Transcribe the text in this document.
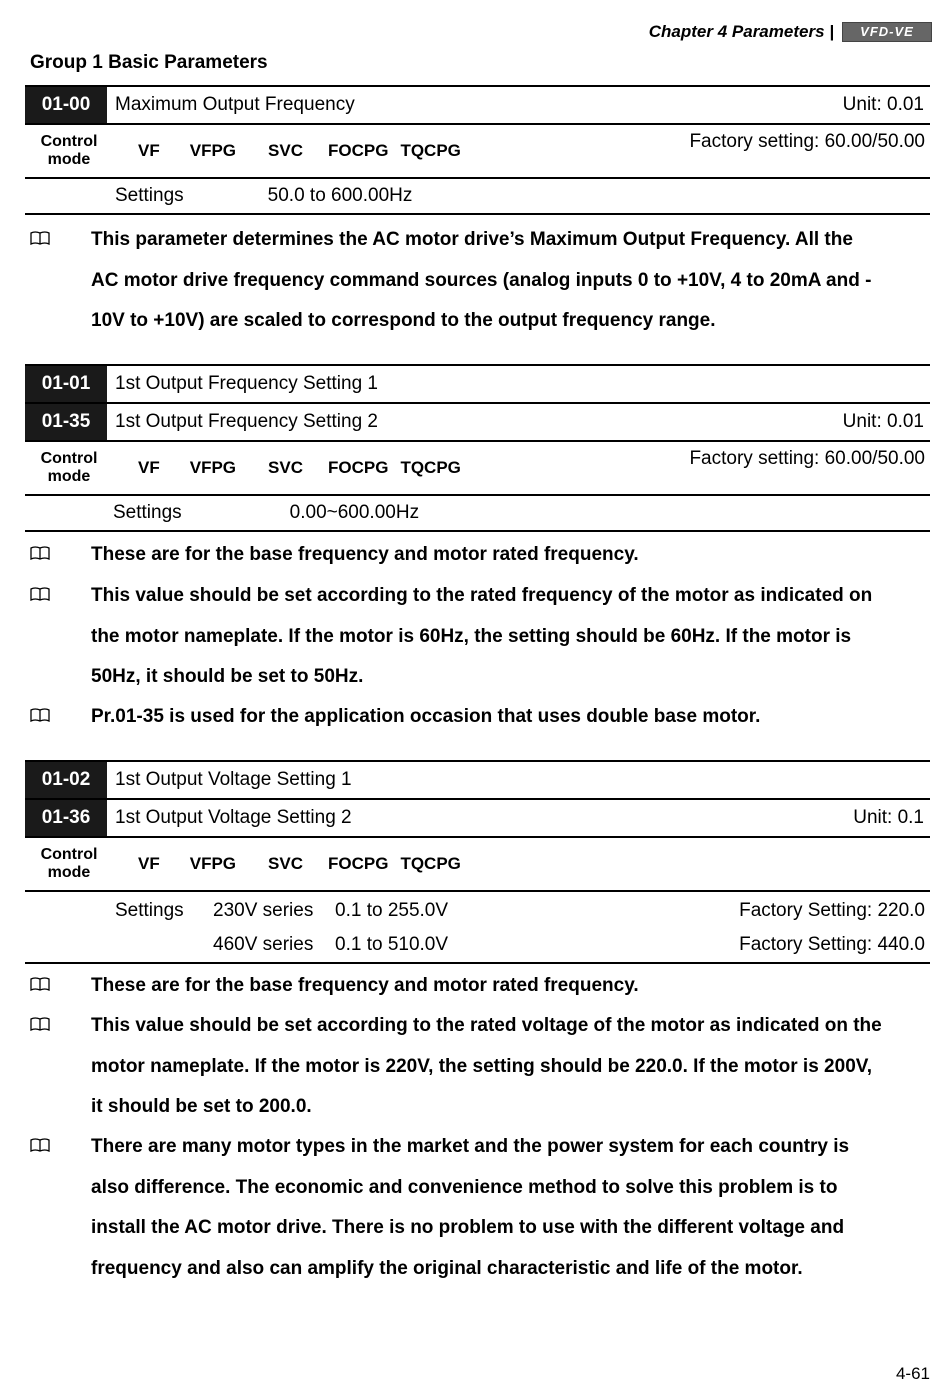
Chapter 4 Parameters |	VFD-VE
Group 1 Basic Parameters
01-00	Maximum Output Frequency	Unit: 0.01
Control
mode	VF VFPG SVC FOCPG TQCPG	Factory setting: 60.00/50.00
Settings	50.0 to 600.00Hz
This parameter determines the AC motor drive’s Maximum Output Frequency. All the
AC motor drive frequency command sources (analog inputs 0 to +10V, 4 to 20mA and -
10V to +10V) are scaled to correspond to the output frequency range.
01-01	1st Output Frequency Setting 1
01-35	1st Output Frequency Setting 2	Unit: 0.01
Control
mode	VF VFPG SVC FOCPG TQCPG	Factory setting: 60.00/50.00
Settings	0.00~600.00Hz
These are for the base frequency and motor rated frequency.
This value should be set according to the rated frequency of the motor as indicated on
the motor nameplate. If the motor is 60Hz, the setting should be 60Hz. If the motor is
50Hz, it should be set to 50Hz.
Pr.01-35 is used for the application occasion that uses double base motor.
01-02	1st Output Voltage Setting 1
01-36	1st Output Voltage Setting 2	Unit: 0.1
Control
mode	VF VFPG SVC FOCPG TQCPG
Settings	230V series	0.1 to 255.0V	Factory Setting: 220.0
460V series	0.1 to 510.0V	Factory Setting: 440.0
These are for the base frequency and motor rated frequency.
This value should be set according to the rated voltage of the motor as indicated on the
motor nameplate. If the motor is 220V, the setting should be 220.0. If the motor is 200V,
it should be set to 200.0.
There are many motor types in the market and the power system for each country is
also difference. The economic and convenience method to solve this problem is to
install the AC motor drive. There is no problem to use with the different voltage and
frequency and also can amplify the original characteristic and life of the motor.
4-61
